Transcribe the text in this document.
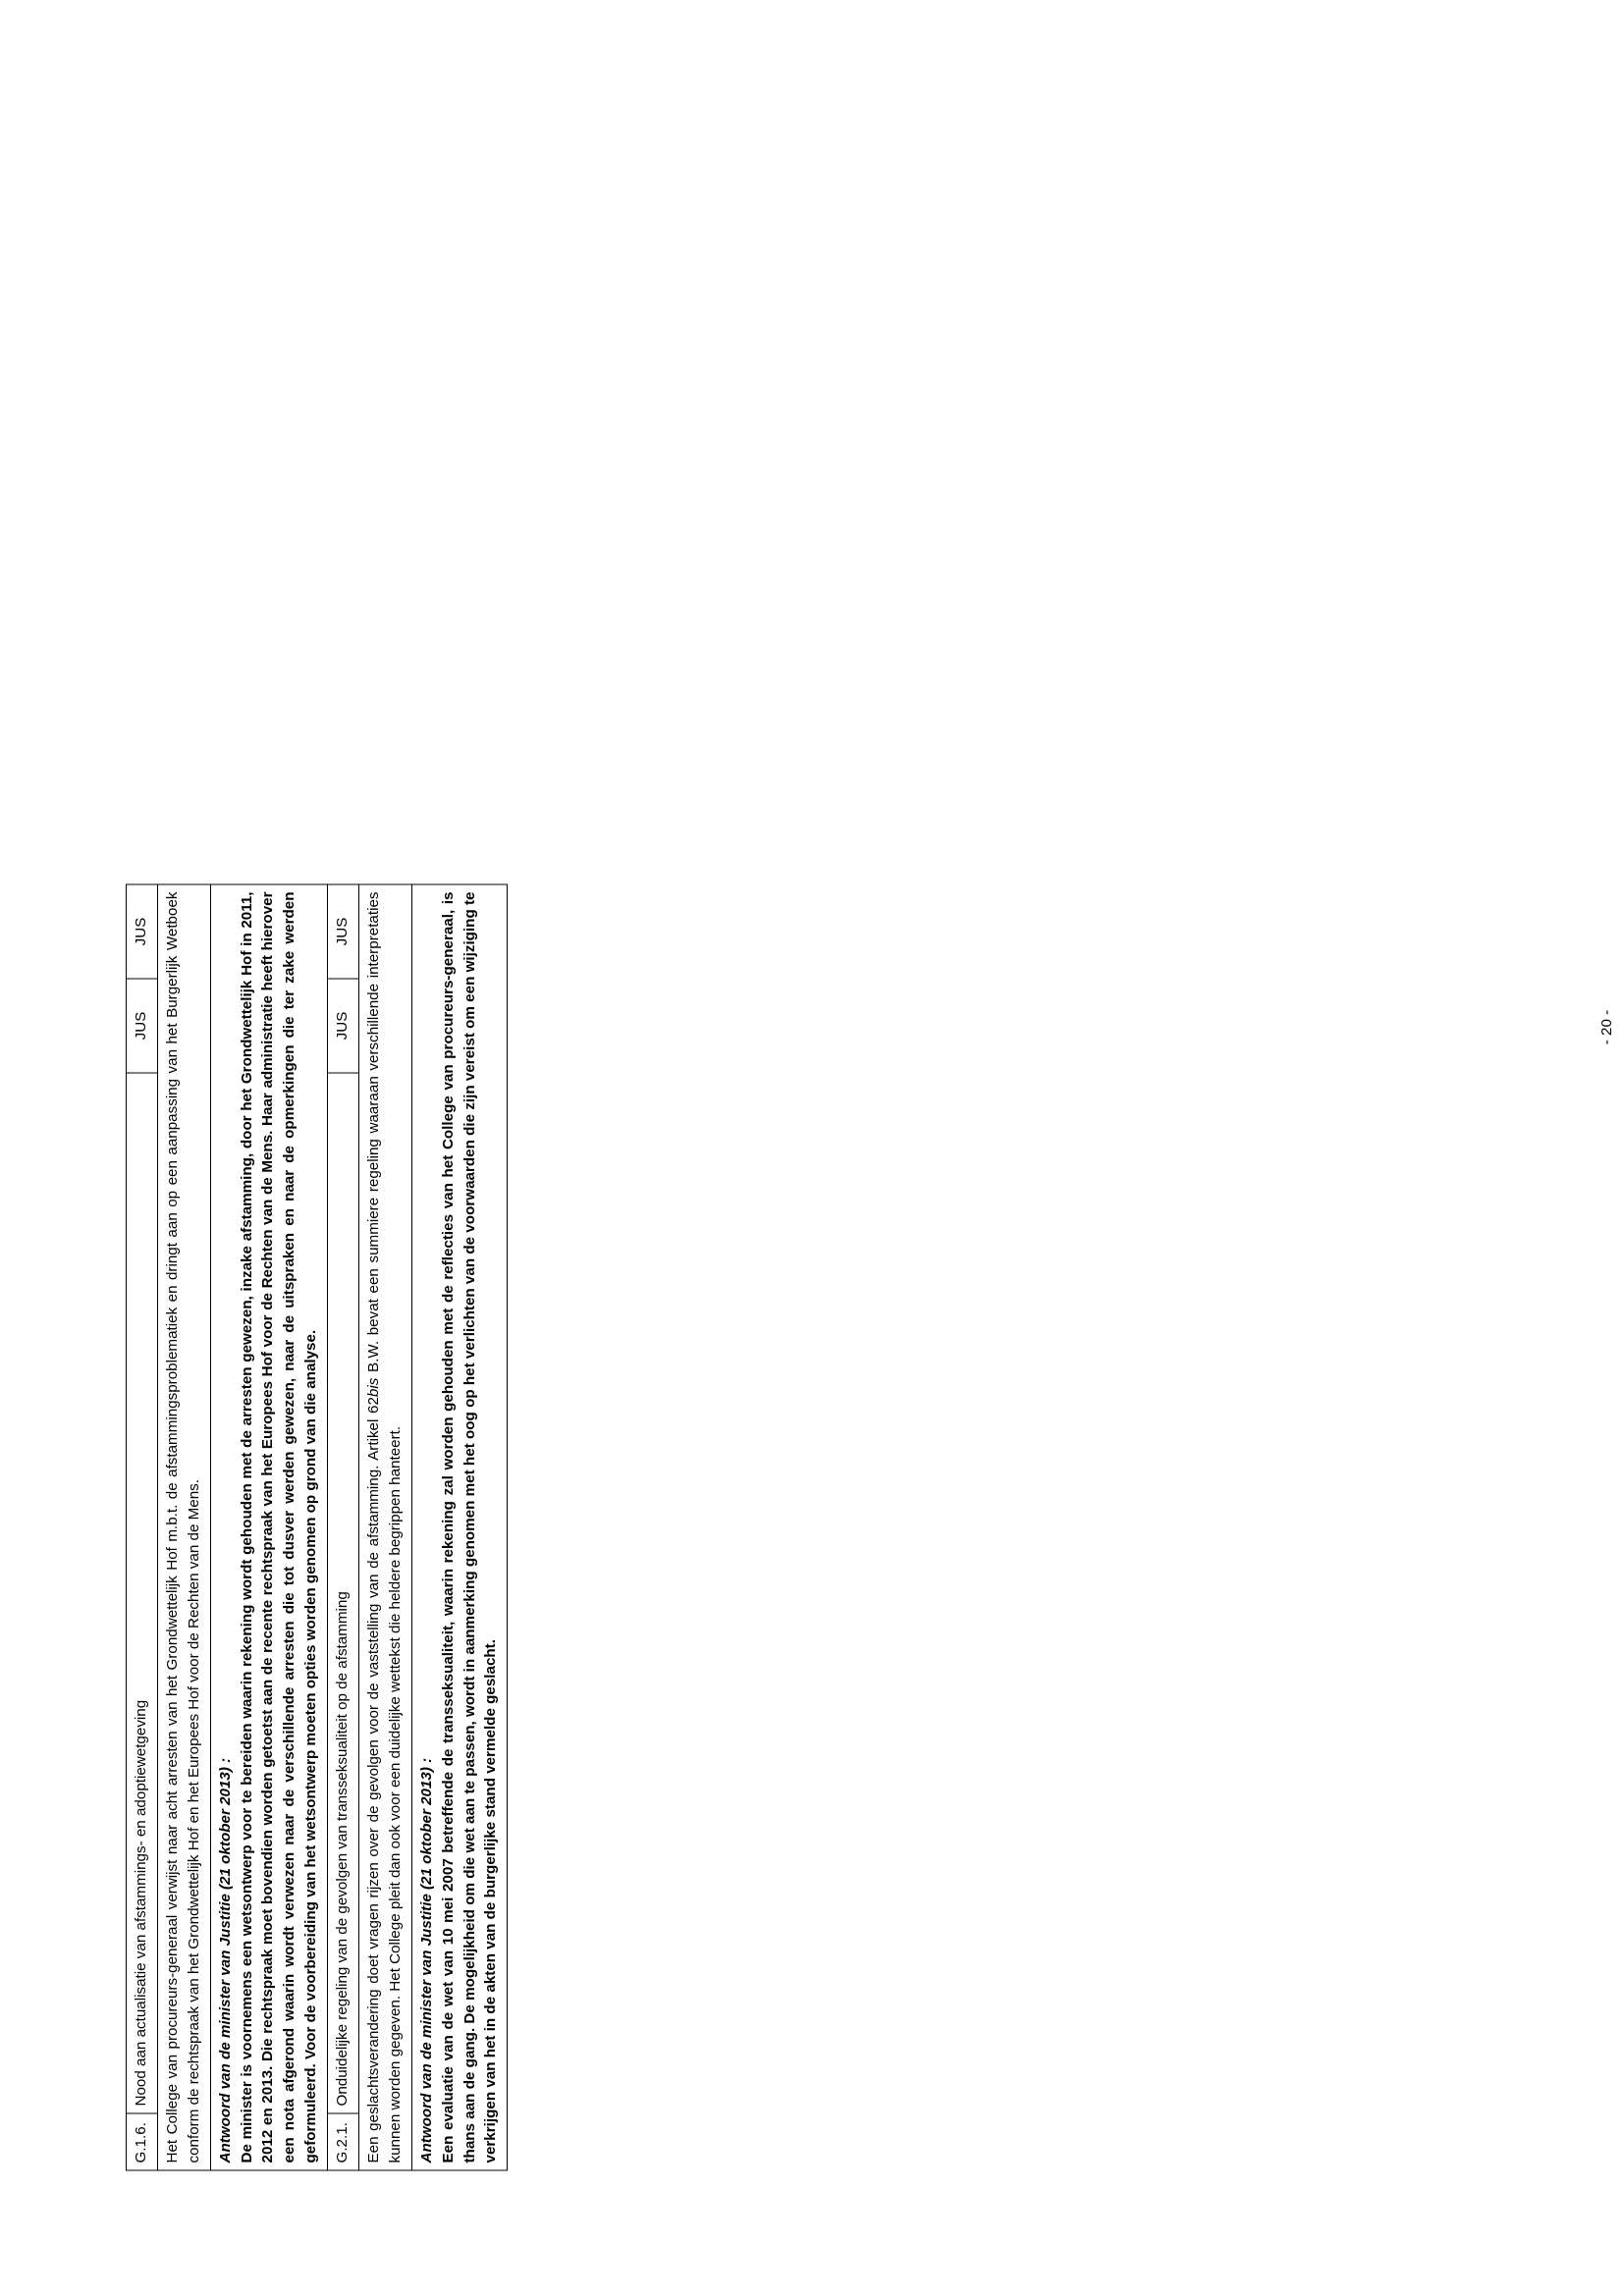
G.1.6.	Nood aan actualisatie van afstammings- en adoptiewetgeving	JUS	JUS
Het College van procureurs-generaal verwijst naar acht arresten van het Grondwettelijk Hof m.b.t. de afstammingsproblematiek en dringt aan op een aanpassing van het Burgerlijk Wetboek conform de rechtspraak van het Grondwettelijk Hof en het Europees Hof voor de Rechten van de Mens.			

Antwoord van de minister van Justitie (21 oktober 2013) : De minister is voornemens een wetsontwerp voor te bereiden waarin rekening wordt gehouden met de arresten gewezen, inzake afstamming, door het Grondwettelijk Hof in 2011, 2012 en 2013. Die rechtspraak moet bovendien worden getoetst aan de recente rechtspraak van het Europees Hof voor de Rechten van de Mens. Haar administratie heeft hierover een nota afgerond waarin wordt verwezen naar de verschillende arresten die tot dusver werden gewezen, naar de uitspraken en naar de opmerkingen die ter zake werden geformuleerd. Voor de voorbereiding van het wetsontwerp moeten opties worden genomen op grond van die analyse.			

G.2.1.	Onduidelijke regeling van de gevolgen van transseksualiteit op de afstamming	JUS	JUS
Een geslachtsverandering doet vragen rijzen over de gevolgen voor de vaststelling van de afstamming. Artikel 62bis B.W. bevat een summiere regeling waaraan verschillende interpretaties kunnen worden gegeven. Het College pleit dan ook voor een duidelijke wettekst die heldere begrippen hanteert.			

Antwoord van de minister van Justitie (21 oktober 2013) : Een evaluatie van de wet van 10 mei 2007 betreffende de transseksualiteit, waarin rekening zal worden gehouden met de reflecties van het College van procureurs-generaal, is thans aan de gang. De mogelijkheid om die wet aan te passen, wordt in aanmerking genomen met het oog op het verlichten van de voorwaarden die zijn vereist om een wijziging te verkrijgen van het in de akten van de burgerlijke stand vermelde geslacht.			

- 20 -
